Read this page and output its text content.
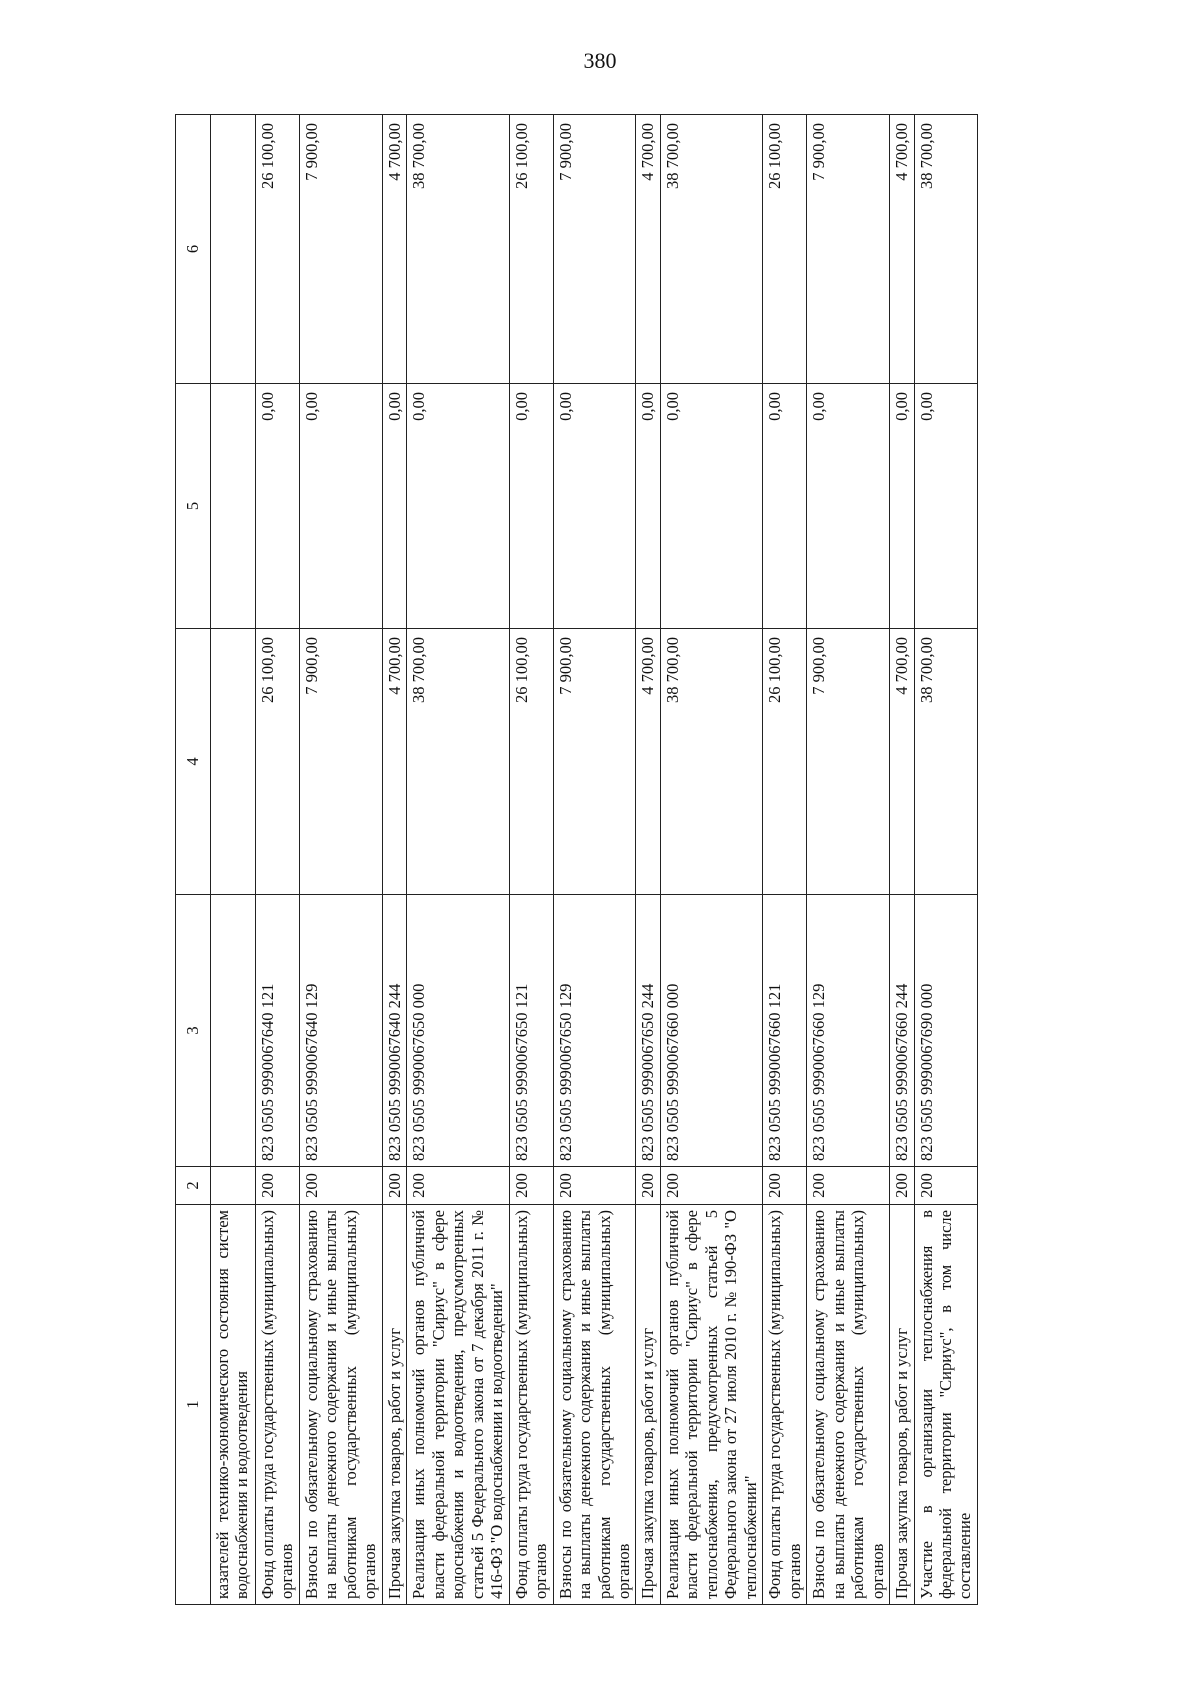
380
1	2	3	4	5	6
казателей технико-экономического состояния систем водоснабжения и водоотведения					
Фонд оплаты труда государственных (муниципальных) органов	200	823 0505 9990067640 121	26 100,00	0,00	26 100,00
Взносы по обязательному социальному страхованию на выплаты денежного содержания и иные выплаты работникам государственных (муниципальных) органов	200	823 0505 9990067640 129	7 900,00	0,00	7 900,00
Прочая закупка товаров, работ и услуг	200	823 0505 9990067640 244	4 700,00	0,00	4 700,00
Реализация иных полномочий органов публичной власти федеральной территории "Сириус" в сфере водоснабжения и водоотведения, предусмотренных статьей 5 Федерального закона от 7 декабря 2011 г. № 416-ФЗ "О водоснабжении и водоотведении"	200	823 0505 9990067650 000	38 700,00	0,00	38 700,00
Фонд оплаты труда государственных (муниципальных) органов	200	823 0505 9990067650 121	26 100,00	0,00	26 100,00
Взносы по обязательному социальному страхованию на выплаты денежного содержания и иные выплаты работникам государственных (муниципальных) органов	200	823 0505 9990067650 129	7 900,00	0,00	7 900,00
Прочая закупка товаров, работ и услуг	200	823 0505 9990067650 244	4 700,00	0,00	4 700,00
Реализация иных полномочий органов публичной власти федеральной территории "Сириус" в сфере теплоснабжения, предусмотренных статьей 5 Федерального закона от 27 июля 2010 г. № 190-ФЗ "О теплоснабжении"	200	823 0505 9990067660 000	38 700,00	0,00	38 700,00
Фонд оплаты труда государственных (муниципальных) органов	200	823 0505 9990067660 121	26 100,00	0,00	26 100,00
Взносы по обязательному социальному страхованию на выплаты денежного содержания и иные выплаты работникам государственных (муниципальных) органов	200	823 0505 9990067660 129	7 900,00	0,00	7 900,00
Прочая закупка товаров, работ и услуг	200	823 0505 9990067660 244	4 700,00	0,00	4 700,00
Участие в организации теплоснабжения в федеральной территории "Сириус", в том числе составление	200	823 0505 9990067690 000	38 700,00	0,00	38 700,00
